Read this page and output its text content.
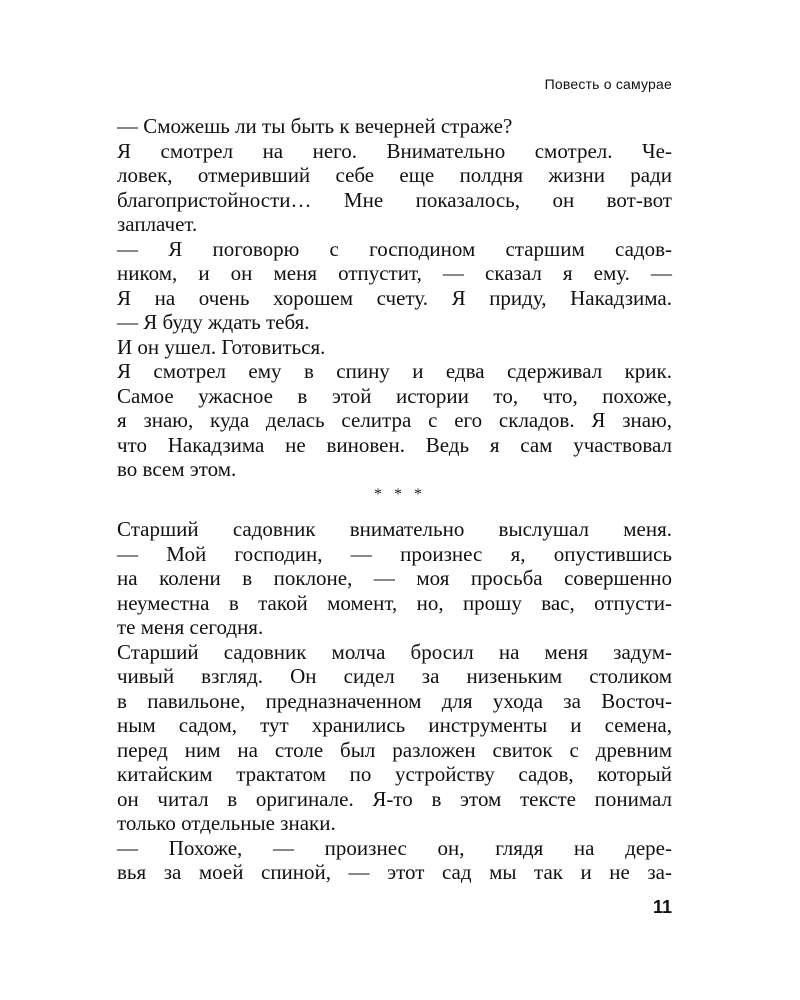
Повесть о самурае
— Сможешь ли ты быть к вечерней страже?
Я смотрел на него. Внимательно смотрел. Че-
ловек, отмеривший себе еще полдня жизни ради
благопристойности… Мне показалось, он вот-вот
заплачет.
— Я поговорю с господином старшим садов-
ником, и он меня отпустит, — сказал я ему. —
Я на очень хорошем счету. Я приду, Накадзима.
— Я буду ждать тебя.
И он ушел. Готовиться.
Я смотрел ему в спину и едва сдерживал крик.
Самое ужасное в этой истории то, что, похоже,
я знаю, куда делась селитра с его складов. Я знаю,
что Накадзима не виновен. Ведь я сам участвовал
во всем этом.
* * *
Старший садовник внимательно выслушал меня.
— Мой господин, — произнес я, опустившись
на колени в поклоне, — моя просьба совершенно
неуместна в такой момент, но, прошу вас, отпусти-
те меня сегодня.
Старший садовник молча бросил на меня задум-
чивый взгляд. Он сидел за низеньким столиком
в павильоне, предназначенном для ухода за Восточ-
ным садом, тут хранились инструменты и семена,
перед ним на столе был разложен свиток с древним
китайским трактатом по устройству садов, который
он читал в оригинале. Я-то в этом тексте понимал
только отдельные знаки.
— Похоже, — произнес он, глядя на дере-
вья за моей спиной, — этот сад мы так и не за-
11
